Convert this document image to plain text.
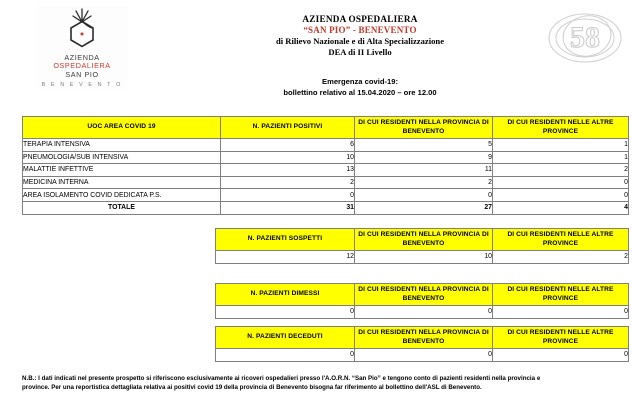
AZIENDA
OSPEDALIERA
SAN PIO
B E N E V E N T O
AZIENDA OSPEDALIERA
“SAN PIO” - BENEVENTO
di Rilievo Nazionale e di Alta Specializzazione
DEA di II Livello
Emergenza covid-19:
bollettino relativo al 15.04.2020 – ore 12.00
58
UOC AREA COVID 19	N. PAZIENTI POSITIVI	DI CUI RESIDENTI NELLA PROVINCIA DI BENEVENTO	DI CUI RESIDENTI NELLE ALTRE PROVINCE
TERAPIA INTENSIVA	6	5	1
PNEUMOLOGIA/SUB INTENSIVA	10	9	1
MALATTIE INFETTIVE	13	11	2
MEDICINA INTERNA	2	2	0
AREA ISOLAMENTO COVID DEDICATA P.S.	0	0	0
TOTALE	31	27	4
N. PAZIENTI SOSPETTI	DI CUI RESIDENTI NELLA PROVINCIA DI BENEVENTO	DI CUI RESIDENTI NELLE ALTRE PROVINCE
12	10	2
N. PAZIENTI DIMESSI	DI CUI RESIDENTI NELLA PROVINCIA DI BENEVENTO	DI CUI RESIDENTI NELLE ALTRE PROVINCE
0	0	0
N. PAZIENTI DECEDUTI	DI CUI RESIDENTI NELLA PROVINCIA DI BENEVENTO	DI CUI RESIDENTI NELLE ALTRE PROVINCE
0	0	0
N.B.: I dati indicati nel presente prospetto si riferiscono esclusivamente ai ricoveri ospedalieri presso l'A.O.R.N. “San Pio” e tengono conto di pazienti residenti nella provincia e
province. Per una reportistica dettagliata relativa ai positivi covid 19 della provincia di Benevento bisogna far riferimento al bollettino dell'ASL di Benevento.
